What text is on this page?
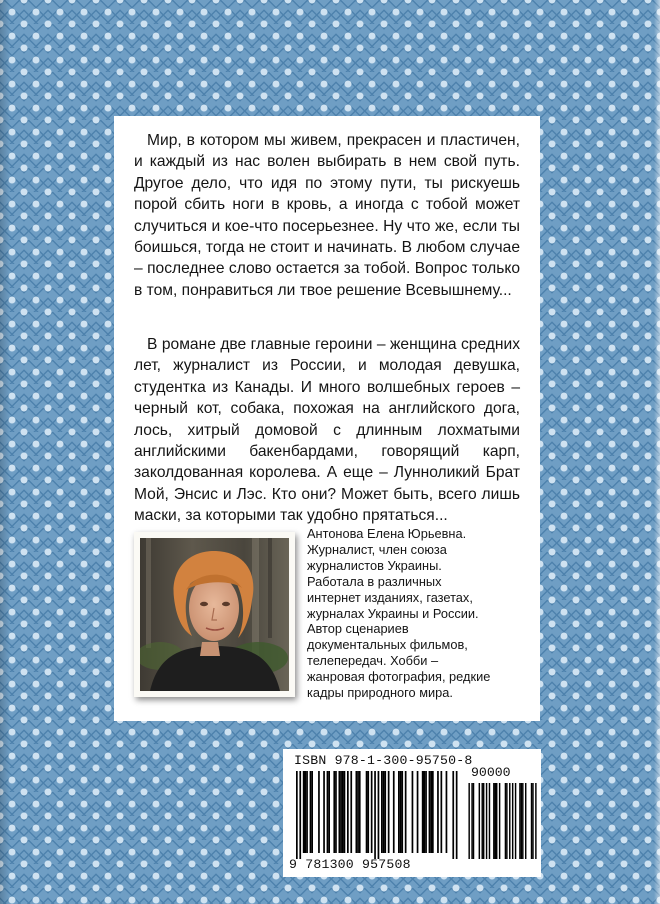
Мир, в котором мы живем, прекрасен и пластичен, и каждый из нас волен выбирать в нем свой путь. Другое дело, что идя по этому пути, ты рискуешь порой сбить ноги в кровь, а иногда с тобой может случиться и кое-что посерьезнее. Ну что же, если ты боишься, тогда не стоит и начинать. В любом случае – последнее слово остается за тобой. Вопрос только в том, понравиться ли твое решение Всевышнему...

В романе две главные героини – женщина средних лет, журналист из России, и молодая девушка, студентка из Канады. И много волшебных героев – черный кот, собака, похожая на английского дога, лось, хитрый домовой с длинным лохматыми английскими бакенбардами, говорящий карп, заколдованная королева. А еще – Лунноликий Брат Мой, Энсис и Лэс. Кто они? Может быть, всего лишь маски, за которыми так удобно прятаться...

Антонова Елена Юрьевна.
Журналист, член союза
журналистов Украины.
Работала в различных
интернет изданиях, газетах,
журналах Украины и России.
Автор сценариев
документальных фильмов,
телепередач. Хобби –
жанровая фотография, редкие
кадры природного мира.

ISBN 978-1-300-95750-8
90000
9 781300 957508
